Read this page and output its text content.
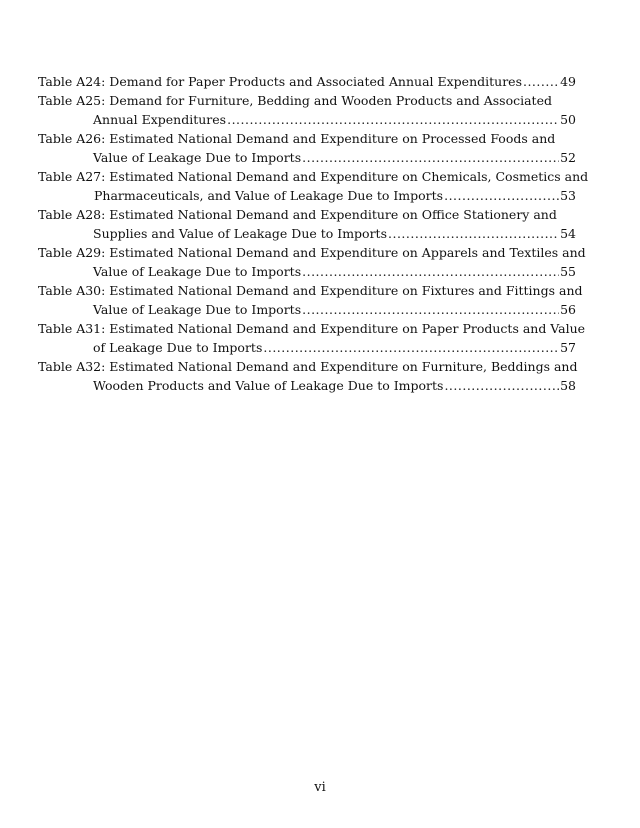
Table A24: Demand for Paper Products and Associated Annual Expenditures .....	49
Table A25: Demand for Furniture, Bedding and Wooden Products and Associated
Annual Expenditures .....	50
Table A26: Estimated National Demand and Expenditure on Processed Foods and
Value of Leakage Due to Imports .....	52
Table A27: Estimated National Demand and Expenditure on Chemicals, Cosmetics and
Pharmaceuticals, and Value of Leakage Due to Imports .....	53
Table A28: Estimated National Demand and Expenditure on Office Stationery and
Supplies and Value of Leakage Due to Imports .....	54
Table A29: Estimated National Demand and Expenditure on Apparels and Textiles and
Value of Leakage Due to Imports .....	55
Table A30: Estimated National Demand and Expenditure on Fixtures and Fittings and
Value of Leakage Due to Imports .....	56
Table A31: Estimated National Demand and Expenditure on Paper Products and Value
of Leakage Due to Imports .....	57
Table A32: Estimated National Demand and Expenditure on Furniture, Beddings and
Wooden Products and Value of Leakage Due to Imports .....	58
vi
